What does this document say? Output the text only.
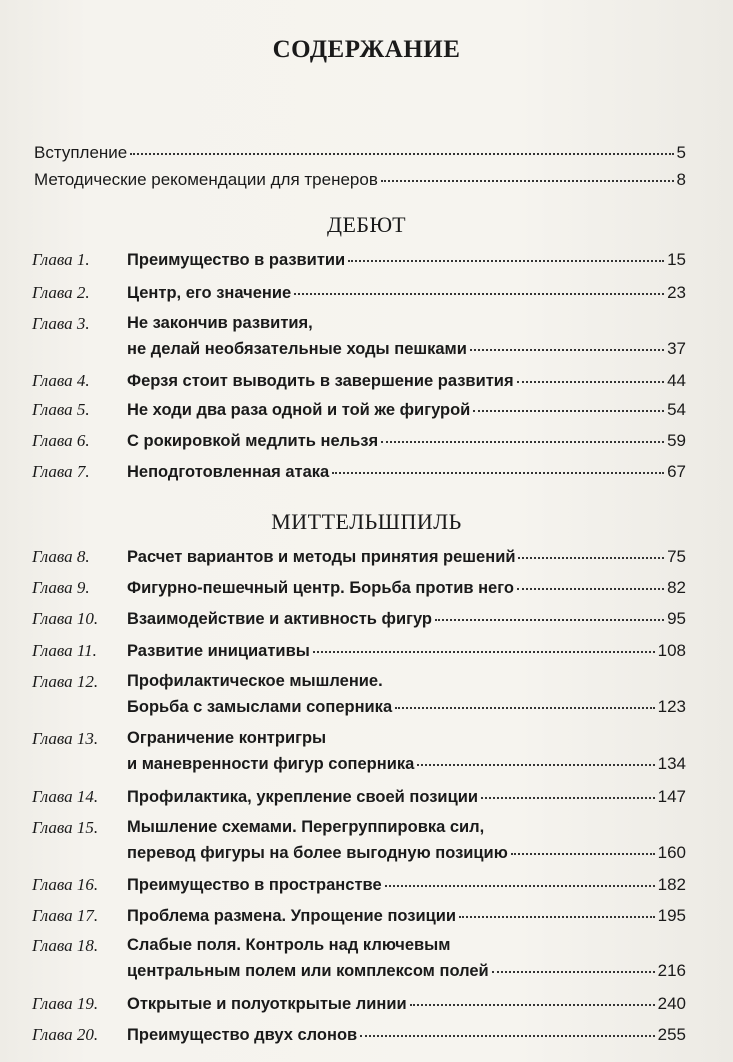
СОДЕРЖАНИЕ
Вступление	5
Методические рекомендации для тренеров	8
ДЕБЮТ
Глава 1. Преимущество в развитии	15
Глава 2. Центр, его значение	23
Глава 3. Не закончив развития,
не делай необязательные ходы пешками	37
Глава 4. Ферзя стоит выводить в завершение развития	44
Глава 5. Не ходи два раза одной и той же фигурой	54
Глава 6. С рокировкой медлить нельзя	59
Глава 7. Неподготовленная атака	67
МИТТЕЛЬШПИЛЬ
Глава 8. Расчет вариантов и методы принятия решений	75
Глава 9. Фигурно-пешечный центр. Борьба против него	82
Глава 10. Взаимодействие и активность фигур	95
Глава 11. Развитие инициативы	108
Глава 12. Профилактическое мышление.
Борьба с замыслами соперника	123
Глава 13. Ограничение контригры
и маневренности фигур соперника	134
Глава 14. Профилактика, укрепление своей позиции	147
Глава 15. Мышление схемами. Перегруппировка сил,
перевод фигуры на более выгодную позицию	160
Глава 16. Преимущество в пространстве	182
Глава 17. Проблема размена. Упрощение позиции	195
Глава 18. Слабые поля. Контроль над ключевым
центральным полем или комплексом полей	216
Глава 19. Открытые и полуоткрытые линии	240
Глава 20. Преимущество двух слонов	255
